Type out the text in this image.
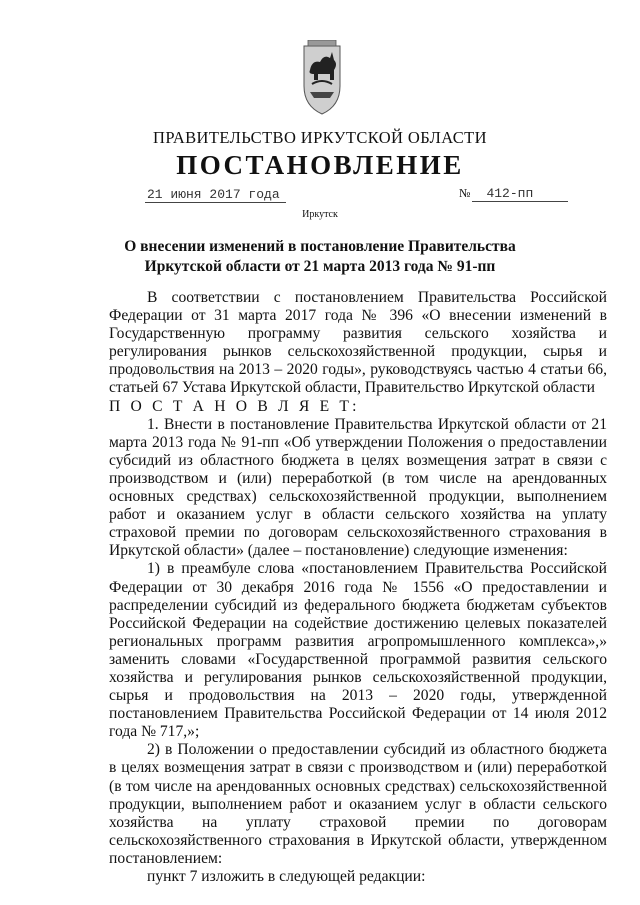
ПРАВИТЕЛЬСТВО ИРКУТСКОЙ ОБЛАСТИ
ПОСТАНОВЛЕНИЕ
21 июня 2017 года	№ 412-пп
Иркутск
О внесении изменений в постановление Правительства Иркутской области от 21 марта 2013 года № 91-пп

В соответствии с постановлением Правительства Российской Федерации от 31 марта 2017 года № 396 «О внесении изменений в Государственную программу развития сельского хозяйства и регулирования рынков сельскохозяйственной продукции, сырья и продовольствия на 2013 – 2020 годы», руководствуясь частью 4 статьи 66, статьей 67 Устава Иркутской области, Правительство Иркутской области

П О С Т А Н О В Л Я Е Т:

1. Внести в постановление Правительства Иркутской области от 21 марта 2013 года № 91-пп «Об утверждении Положения о предоставлении субсидий из областного бюджета в целях возмещения затрат в связи с производством и (или) переработкой (в том числе на арендованных основных средствах) сельскохозяйственной продукции, выполнением работ и оказанием услуг в области сельского хозяйства на уплату страховой премии по договорам сельскохозяйственного страхования в Иркутской области» (далее – постановление) следующие изменения:

1) в преамбуле слова «постановлением Правительства Российской Федерации от 30 декабря 2016 года № 1556 «О предоставлении и распределении субсидий из федерального бюджета бюджетам субъектов Российской Федерации на содействие достижению целевых показателей региональных программ развития агропромышленного комплекса»,» заменить словами «Государственной программой развития сельского хозяйства и регулирования рынков сельскохозяйственной продукции, сырья и продовольствия на 2013 – 2020 годы, утвержденной постановлением Правительства Российской Федерации от 14 июля 2012 года № 717,»;

2) в Положении о предоставлении субсидий из областного бюджета в целях возмещения затрат в связи с производством и (или) переработкой (в том числе на арендованных основных средствах) сельскохозяйственной продукции, выполнением работ и оказанием услуг в области сельского хозяйства на уплату страховой премии по договорам сельскохозяйственного страхования в Иркутской области, утвержденном постановлением:

пункт 7 изложить в следующей редакции:
